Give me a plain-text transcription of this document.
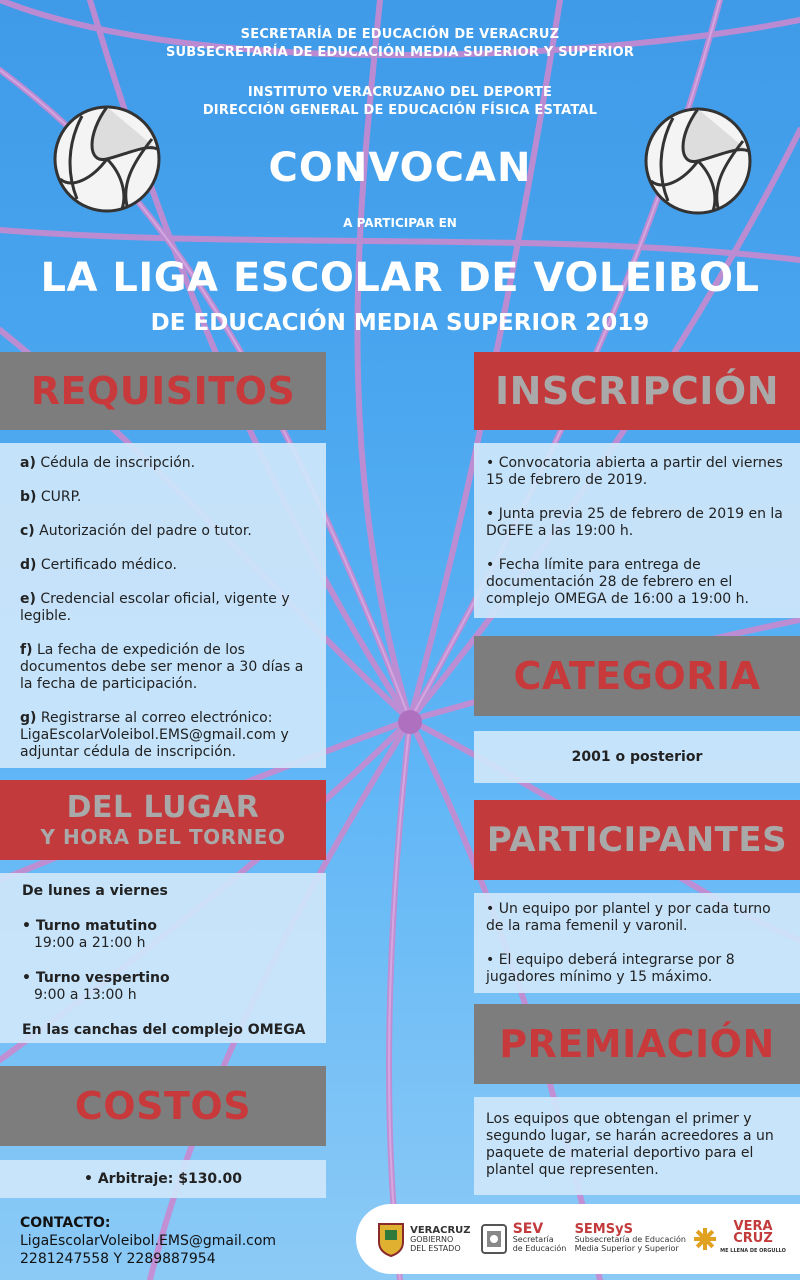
SECRETARÍA DE EDUCACIÓN DE VERACRUZ
SUBSECRETARÍA DE EDUCACIÓN MEDIA SUPERIOR Y SUPERIOR
INSTITUTO VERACRUZANO DEL DEPORTE
DIRECCIÓN GENERAL DE EDUCACIÓN FÍSICA ESTATAL
CONVOCAN
A PARTICIPAR EN
LA LIGA ESCOLAR DE VOLEIBOL
DE EDUCACIÓN MEDIA SUPERIOR 2019
REQUISITOS

a) Cédula de inscripción.

b) CURP.

c) Autorización del padre o tutor.

d) Certificado médico.

e) Credencial escolar oficial, vigente y legible.

f) La fecha de expedición de los documentos debe ser menor a 30 días a la fecha de participación.

g) Registrarse al correo electrónico: LigaEscolarVoleibol.EMS@gmail.com y adjuntar cédula de inscripción.

INSCRIPCIÓN

• Convocatoria abierta a partir del viernes 15 de febrero de 2019.

• Junta previa 25 de febrero de 2019 en la DGEFE a las 19:00 h.

• Fecha límite para entrega de documentación 28 de febrero en el complejo OMEGA de 16:00 a 19:00 h.

CATEGORIA
2001 o posterior
DEL LUGAR
Y HORA DEL TORNEO
De lunes a viernes
• Turno matutino
19:00 a 21:00 h
• Turno vespertino
9:00 a 13:00 h
En las canchas del complejo OMEGA
PARTICIPANTES

• Un equipo por plantel y por cada turno de la rama femenil y varonil.

• El equipo deberá integrarse por 8 jugadores mínimo y 15 máximo.

PREMIACIÓN
Los equipos que obtengan el primer y segundo lugar, se harán acreedores a un paquete de material deportivo para el plantel que representen.
COSTOS
• Arbitraje: $130.00
CONTACTO:
LigaEscolarVoleibol.EMS@gmail.com
2281247558 Y 2289887954
VERACRUZ
GOBIERNO
DEL ESTADO
SEV
Secretaría
de Educación
SEMSyS
Subsecretaría de Educación
Media Superior y Superior
VERA
CRUZ
ME LLENA DE ORGULLO
